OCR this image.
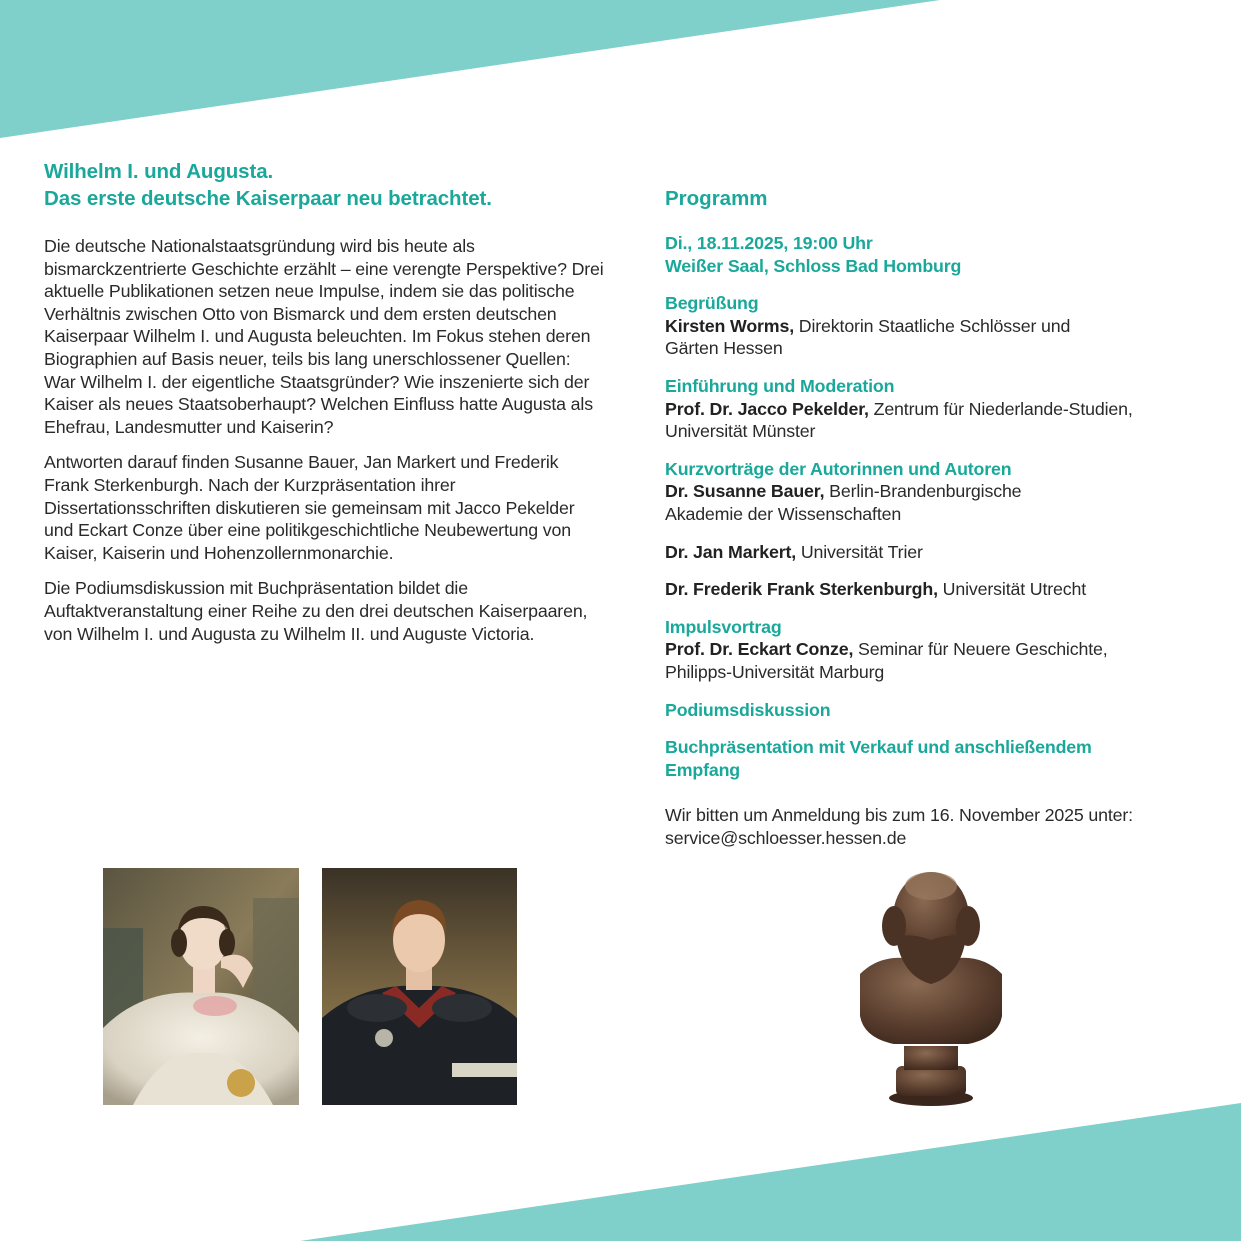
Wilhelm I. und Augusta.
Das erste deutsche Kaiserpaar neu betrachtet.

Die deutsche Nationalstaatsgründung wird bis heute als bismarckzentrierte Geschichte erzählt – eine verengte Perspektive? Drei aktuelle Publikationen setzen neue Impulse, indem sie das politische Verhältnis zwischen Otto von Bismarck und dem ersten deutschen Kaiserpaar Wilhelm I. und Augusta beleuchten. Im Fokus stehen deren Biographien auf Basis neuer, teils bis lang unerschlossener Quellen: War Wilhelm I. der eigentliche Staatsgründer? Wie inszenierte sich der Kaiser als neues Staatsoberhaupt? Welchen Einfluss hatte Augusta als Ehefrau, Landesmutter und Kaiserin?

Antworten darauf finden Susanne Bauer, Jan Markert und Frederik Frank Sterkenburgh. Nach der Kurzpräsentation ihrer Dissertationsschriften diskutieren sie gemeinsam mit Jacco Pekelder und Eckart Conze über eine politikgeschichtliche Neubewertung von Kaiser, Kaiserin und Hohenzollernmonarchie.

Die Podiumsdiskussion mit Buchpräsentation bildet die Auftaktveranstaltung einer Reihe zu den drei deutschen Kaiserpaaren, von Wilhelm I. und Augusta zu Wilhelm II. und Auguste Victoria.

Programm
Di., 18.11.2025, 19:00 Uhr
Weißer Saal, Schloss Bad Homburg
Begrüßung
Kirsten Worms, Direktorin Staatliche Schlösser und
Gärten Hessen
Einführung und Moderation
Prof. Dr. Jacco Pekelder, Zentrum für Niederlande-Studien,
Universität Münster
Kurzvorträge der Autorinnen und Autoren
Dr. Susanne Bauer, Berlin-Brandenburgische
Akademie der Wissenschaften
Dr. Jan Markert, Universität Trier
Dr. Frederik Frank Sterkenburgh, Universität Utrecht
Impulsvortrag
Prof. Dr. Eckart Conze, Seminar für Neuere Geschichte,
Philipps-Universität Marburg
Podiumsdiskussion
Buchpräsentation mit Verkauf und anschließendem
Empfang
Wir bitten um Anmeldung bis zum 16. November 2025 unter:
service@schloesser.hessen.de
